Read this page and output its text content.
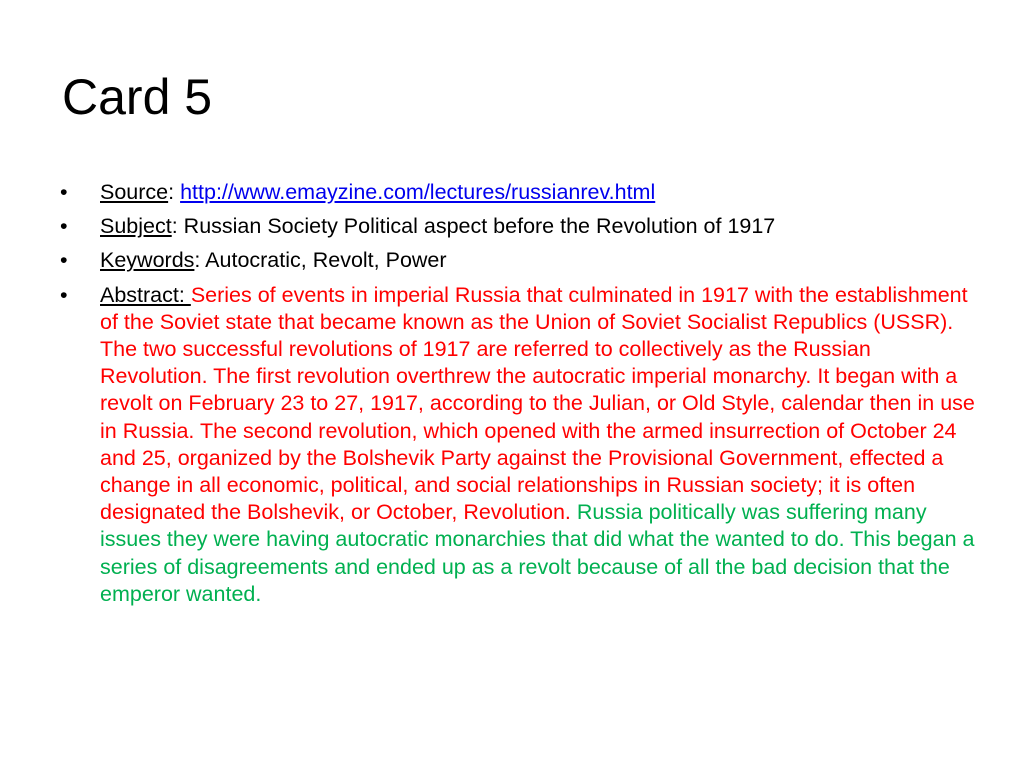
Card 5
•	Source: http://www.emayzine.com/lectures/russianrev.html
•	Subject: Russian Society Political aspect before the Revolution of 1917
•	Keywords: Autocratic, Revolt, Power
•	Abstract: Series of events in imperial Russia that culminated in 1917 with the establishment of the Soviet state that became known as the Union of Soviet Socialist Republics (USSR). The two successful revolutions of 1917 are referred to collectively as the Russian Revolution. The first revolution overthrew the autocratic imperial monarchy. It began with a revolt on February 23 to 27, 1917, according to the Julian, or Old Style, calendar then in use in Russia. The second revolution, which opened with the armed insurrection of October 24 and 25, organized by the Bolshevik Party against the Provisional Government, effected a change in all economic, political, and social relationships in Russian society; it is often designated the Bolshevik, or October, Revolution. Russia politically was suffering many issues they were having autocratic monarchies that did what the wanted to do. This began a series of disagreements and ended up as a revolt because of all the bad decision that the emperor wanted.
